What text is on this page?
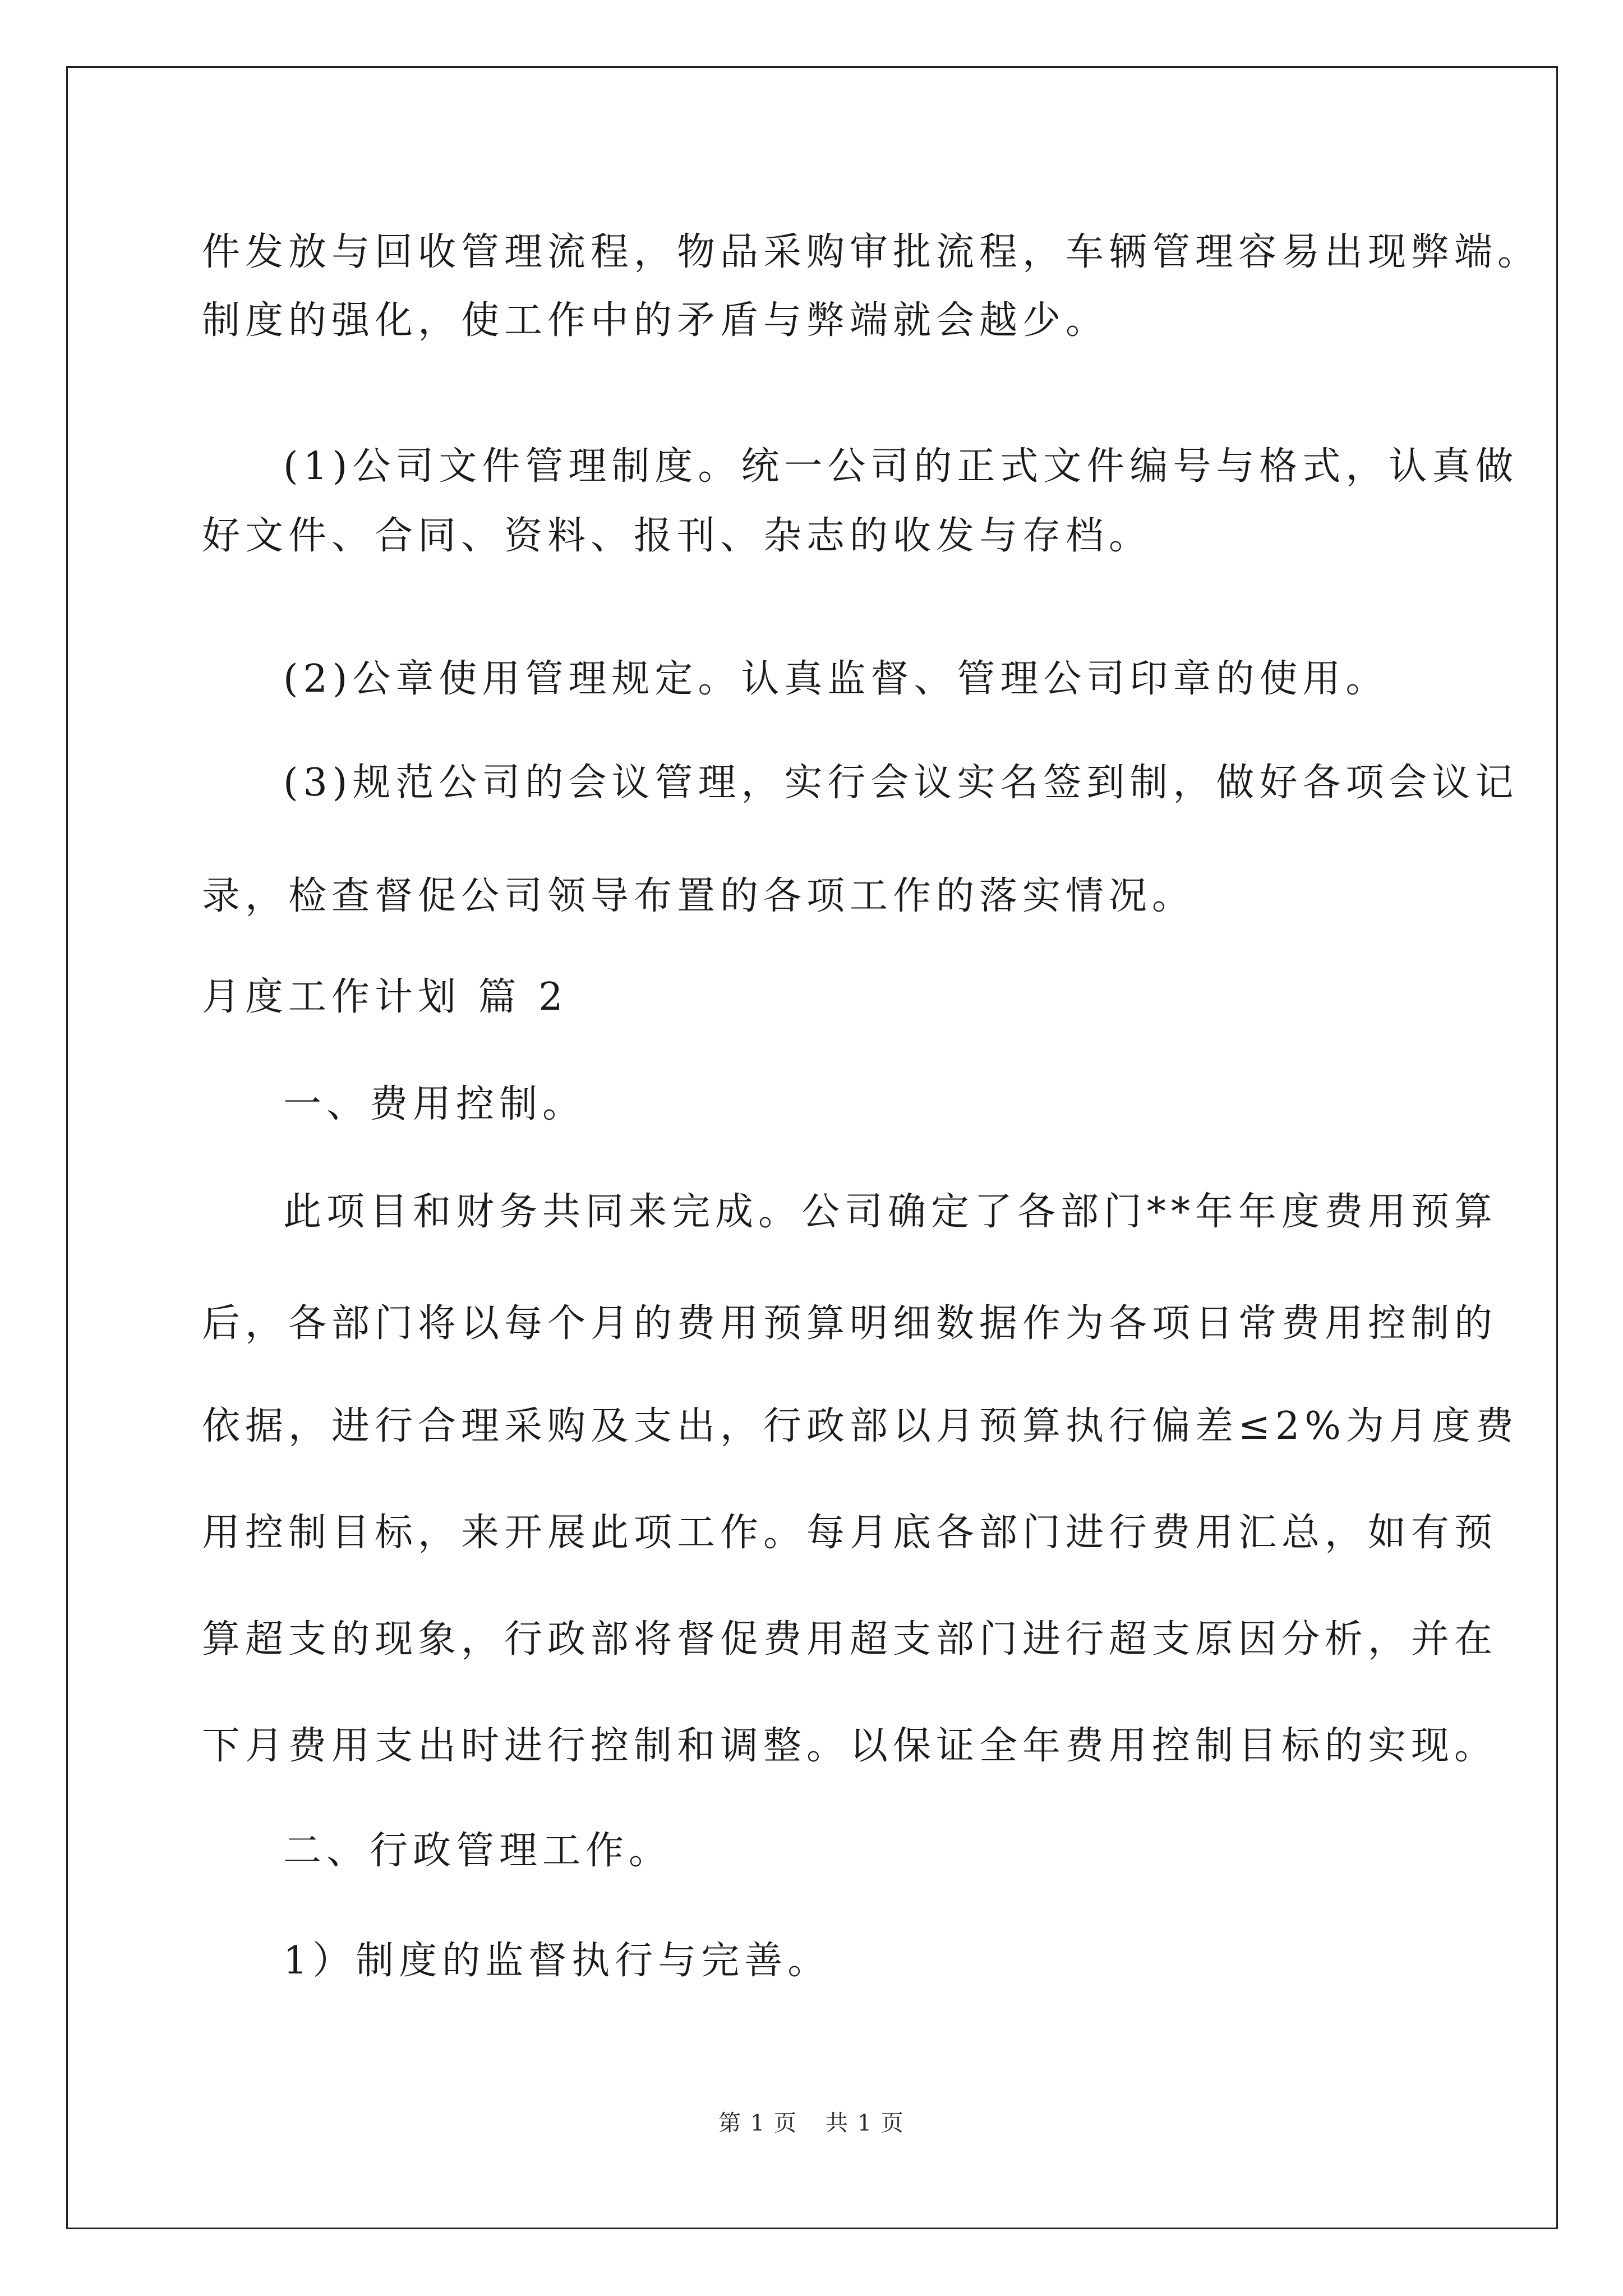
件发放与回收管理流程，物品采购审批流程，车辆管理容易出现弊端。
制度的强化，使工作中的矛盾与弊端就会越少。
(1)公司文件管理制度。统一公司的正式文件编号与格式，认真做
好文件、合同、资料、报刊、杂志的收发与存档。
(2)公章使用管理规定。认真监督、管理公司印章的使用。
(3)规范公司的会议管理，实行会议实名签到制，做好各项会议记
录，检查督促公司领导布置的各项工作的落实情况。
月度工作计划 篇 2
一、费用控制。
此项目和财务共同来完成。公司确定了各部门**年年度费用预算
后，各部门将以每个月的费用预算明细数据作为各项日常费用控制的
依据，进行合理采购及支出，行政部以月预算执行偏差≤2%为月度费
用控制目标，来开展此项工作。每月底各部门进行费用汇总，如有预
算超支的现象，行政部将督促费用超支部门进行超支原因分析，并在
下月费用支出时进行控制和调整。以保证全年费用控制目标的实现。
二、行政管理工作。
1）制度的监督执行与完善。
第 1 页 共 1 页
